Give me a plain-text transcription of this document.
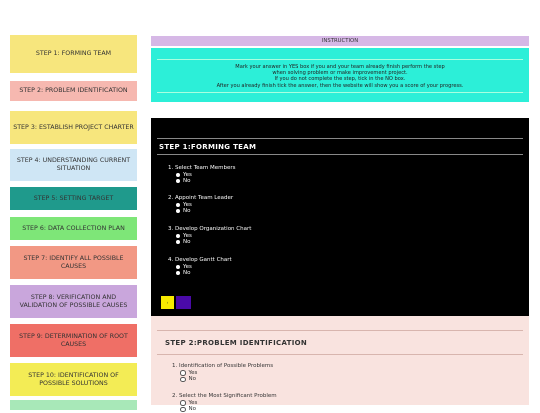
STEP 1: FORMING TEAM
STEP 2: PROBLEM IDENTIFICATION
STEP 3: ESTABLISH PROJECT CHARTER
STEP 4: UNDERSTANDING CURRENT SITUATION
STEP 5: SETTING TARGET
STEP 6: DATA COLLECTION PLAN
STEP 7: IDENTIFY ALL POSSIBLE CAUSES
STEP 8: VERIFICATION AND VALIDATION OF POSSIBLE CAUSES
STEP 9: DETERMINATION OF ROOT CAUSES
STEP 10: IDENTIFICATION OF POSSIBLE SOLUTIONS
INSTRUCTION
Mark your answer in YES box if you and your team already finish perform the step
when solving problem or make improvement project.
If you do not complete the step, tick in the NO box.
After you already finish tick the answer, then the website will show you a score of your progress.
STEP 1:FORMING TEAM
1. Select Team Members
Yes
No
2. Appoint Team Leader
Yes
No
3. Develop Organization Chart
Yes
No
4. Develop Gantt Chart
Yes
No
‹
STEP 2:PROBLEM IDENTIFICATION
1. Identification of Possible Problems
Yes
No
2. Select the Most Significant Problem
Yes
No
